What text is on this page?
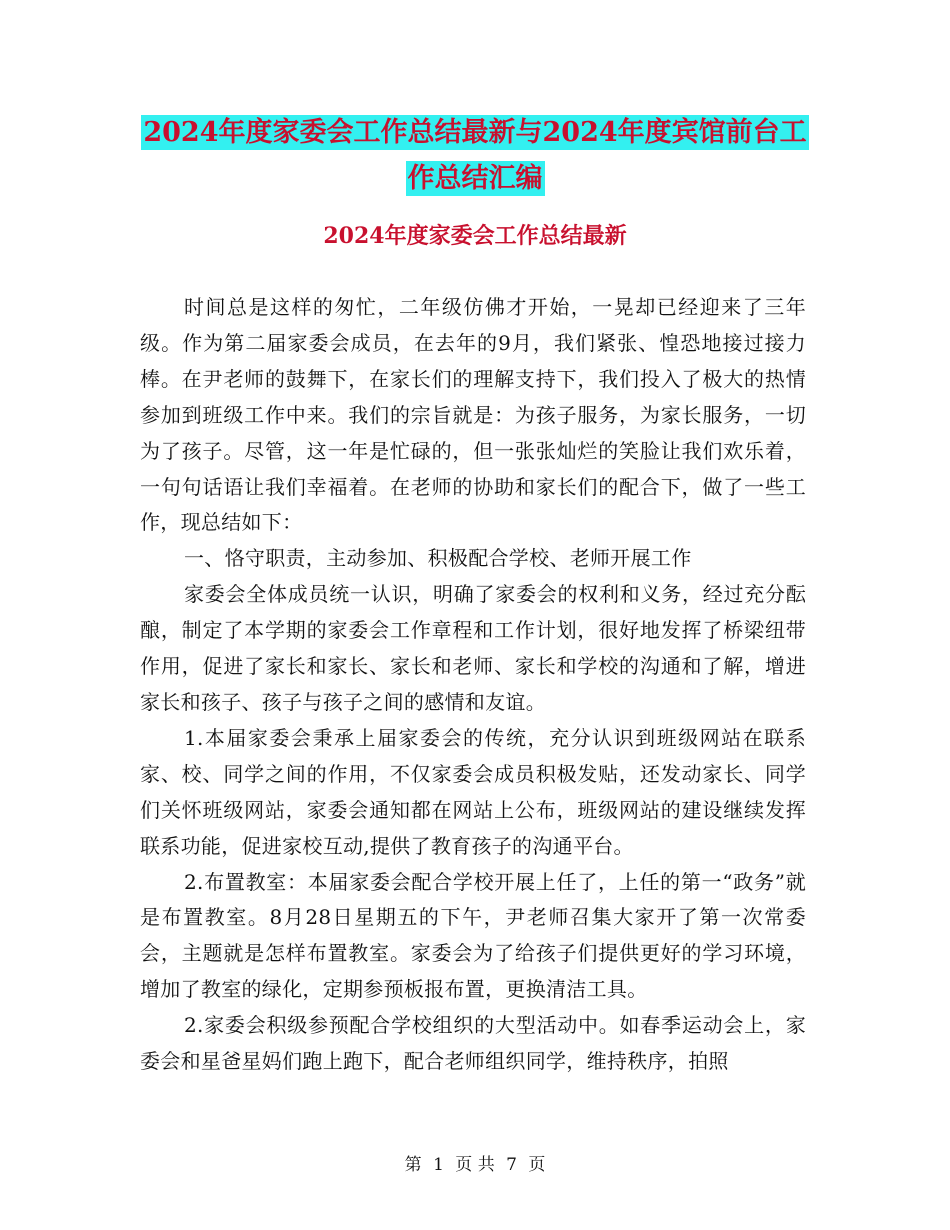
2024年度家委会工作总结最新与2024年度宾馆前台工
作总结汇编
2024年度家委会工作总结最新

时间总是这样的匆忙，二年级仿佛才开始，一晃却已经迎来了三年级。作为第二届家委会成员，在去年的9月，我们紧张、惶恐地接过接力棒。在尹老师的鼓舞下，在家长们的理解支持下，我们投入了极大的热情参加到班级工作中来。我们的宗旨就是：为孩子服务，为家长服务，一切为了孩子。尽管，这一年是忙碌的，但一张张灿烂的笑脸让我们欢乐着，一句句话语让我们幸福着。在老师的协助和家长们的配合下，做了一些工作，现总结如下：

一、恪守职责，主动参加、积极配合学校、老师开展工作

家委会全体成员统一认识，明确了家委会的权利和义务，经过充分酝酿，制定了本学期的家委会工作章程和工作计划，很好地发挥了桥梁纽带作用，促进了家长和家长、家长和老师、家长和学校的沟通和了解，增进家长和孩子、孩子与孩子之间的感情和友谊。

1.本届家委会秉承上届家委会的传统，充分认识到班级网站在联系家、校、同学之间的作用，不仅家委会成员积极发贴，还发动家长、同学们关怀班级网站，家委会通知都在网站上公布，班级网站的建设继续发挥联系功能，促进家校互动,提供了教育孩子的沟通平台。

2.布置教室：本届家委会配合学校开展上任了，上任的第一“政务”就是布置教室。8月28日星期五的下午，尹老师召集大家开了第一次常委会，主题就是怎样布置教室。家委会为了给孩子们提供更好的学习环境，增加了教室的绿化，定期参预板报布置，更换清洁工具。

2.家委会积级参预配合学校组织的大型活动中。如春季运动会上，家委会和星爸星妈们跑上跑下，配合老师组织同学，维持秩序，拍照

第 1 页 共 7 页
